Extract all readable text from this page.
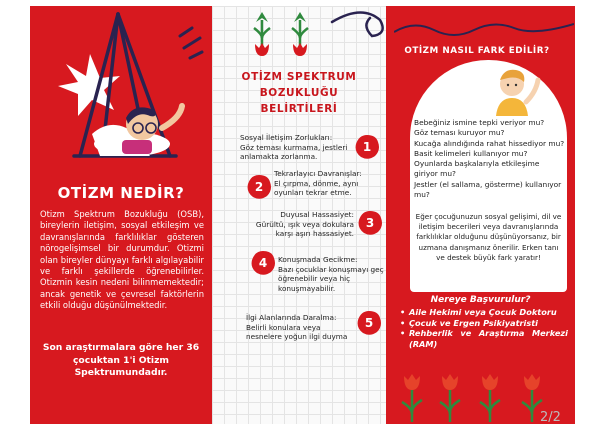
OTİZM NEDİR?

Otizm Spektrum Bozukluğu (OSB), bireylerin iletişim, sosyal etkileşim ve davranışlarında farklılıklar gösteren nörogelişimsel bir durumdur. Otizmi olan bireyler dünyayı farklı algılayabilir ve farklı şekillerde öğrenebilirler. Otizmin kesin nedeni bilinmemektedir; ancak genetik ve çevresel faktörlerin etkili olduğu düşünülmektedir.

Son araştırmalara göre her 36 çocuktan 1'i Otizm Spektrumundadır.

OTİZM SPEKTRUM
BOZUKLUĞU
BELİRTİLERİ
Sosyal İletişim Zorlukları:
Göz teması kurmama, jestleri anlamakta zorlanma.
1
2
Tekrarlayıcı Davranışlar:
El çırpma, dönme, aynı oyunları tekrar etme.
Duyusal Hassasiyet:
Gürültü, ışık veya dokulara karşı aşırı hassasiyet.
3
4	Konuşmada Gecikme:
Bazı çocuklar konuşmayı geç öğrenebilir veya hiç konuşmayabilir.
İlgi Alanlarında Daralma:
Belirli konulara veya nesnelere yoğun ilgi duyma
5
OTİZM NASIL FARK EDİLİR?
Bebeğiniz ismine tepki veriyor mu?
Göz teması kuruyor mu?
Kucağa alındığında rahat hissediyor mu?
Basit kelimeleri kullanıyor mu?
Oyunlarda başkalarıyla etkileşime giriyor mu?
Jestler (el sallama, gösterme) kullanıyor mu?

Eğer çocuğunuzun sosyal gelişimi, dil ve iletişim becerileri veya davranışlarında farklılıklar olduğunu düşünüyorsanız, bir uzmana danışmanız önerilir. Erken tanı ve destek büyük fark yaratır!

Nereye Başvurulur?
• Aile Hekimi veya Çocuk Doktoru
• Çocuk ve Ergen Psikiyatristi
• Rehberlik ve Araştırma Merkezi (RAM)
2/2
